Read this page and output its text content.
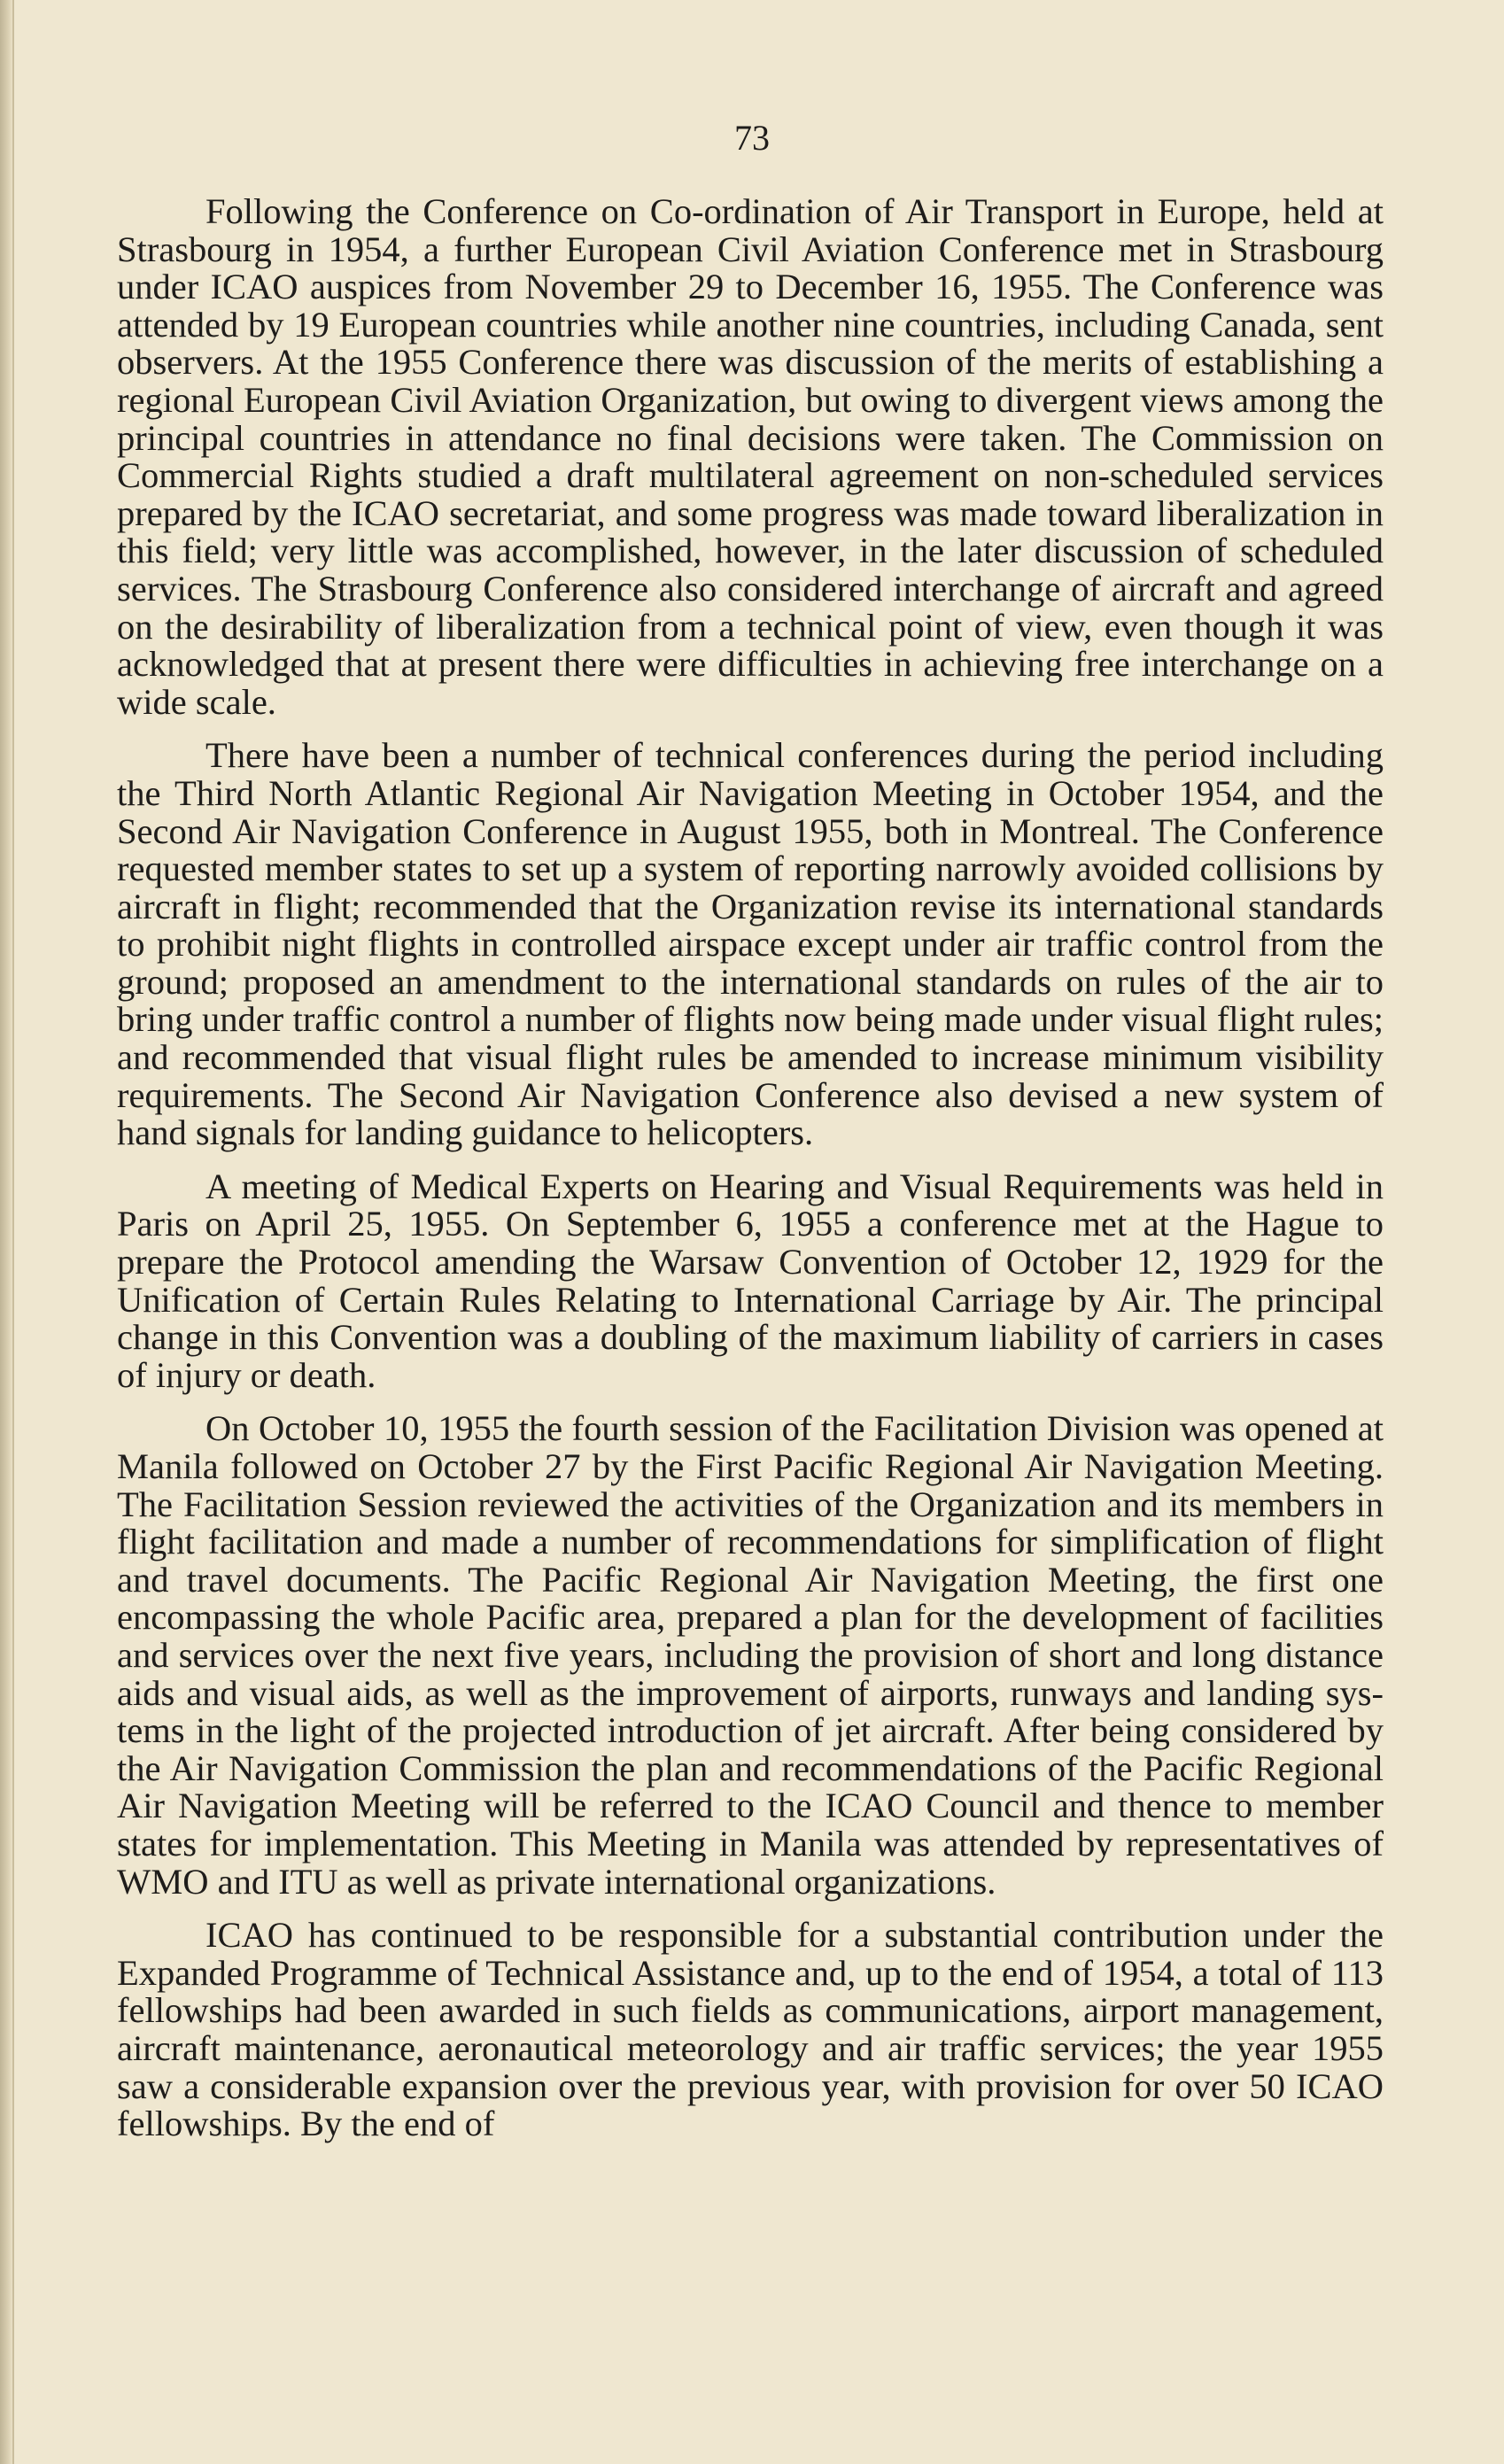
73

Following the Conference on Co-ordination of Air Transport in Europe, held at Strasbourg in 1954, a further European Civil Aviation Conference met in Strasbourg under ICAO auspices from November 29 to December 16, 1955. The Conference was attended by 19 European countries while another nine countries, including Canada, sent observers. At the 1955 Conference there was discussion of the merits of establishing a regional European Civil Aviation Organization, but owing to divergent views among the principal countries in attendance no final decisions were taken. The Commission on Commercial Rights studied a draft multilateral agreement on non-scheduled services prepared by the ICAO secretariat, and some progress was made toward liberalization in this field; very little was accomplished, however, in the later discussion of scheduled services. The Strasbourg Conference also considered interchange of aircraft and agreed on the desirability of liberalization from a technical point of view, even though it was acknowledged that at present there were difficulties in achieving free interchange on a wide scale.

There have been a number of technical conferences during the period including the Third North Atlantic Regional Air Navigation Meeting in October 1954, and the Second Air Navigation Conference in August 1955, both in Montreal. The Conference requested member states to set up a system of reporting narrowly avoided collisions by aircraft in flight; recommended that the Organization revise its international standards to prohibit night flights in controlled airspace except under air traffic control from the ground; proposed an amendment to the international standards on rules of the air to bring under traffic control a number of flights now being made under visual flight rules; and recommended that visual flight rules be amended to increase minimum visibility requirements. The Second Air Navigation Conference also devised a new system of hand signals for landing guidance to helicopters.

A meeting of Medical Experts on Hearing and Visual Requirements was held in Paris on April 25, 1955. On September 6, 1955 a conference met at the Hague to prepare the Protocol amending the Warsaw Convention of October 12, 1929 for the Unification of Certain Rules Relating to International Carriage by Air. The principal change in this Convention was a doubling of the maximum liability of carriers in cases of injury or death.

On October 10, 1955 the fourth session of the Facilitation Division was opened at Manila followed on October 27 by the First Pacific Regional Air Navigation Meeting. The Facilitation Session reviewed the activities of the Organization and its members in flight facilitation and made a number of recommendations for simplification of flight and travel documents. The Pacific Regional Air Navigation Meeting, the first one encompassing the whole Pacific area, prepared a plan for the development of facilities and services over the next five years, including the provision of short and long distance aids and visual aids, as well as the improvement of airports, runways and landing systems in the light of the projected introduction of jet aircraft. After being considered by the Air Navigation Commission the plan and recommendations of the Pacific Regional Air Navigation Meeting will be referred to the ICAO Council and thence to member states for implementation. This Meeting in Manila was attended by representatives of WMO and ITU as well as private international organizations.

ICAO has continued to be responsible for a substantial contribution under the Expanded Programme of Technical Assistance and, up to the end of 1954, a total of 113 fellowships had been awarded in such fields as communications, airport management, aircraft maintenance, aeronautical meteorology and air traffic services; the year 1955 saw a considerable expansion over the previous year, with provision for over 50 ICAO fellowships. By the end of
